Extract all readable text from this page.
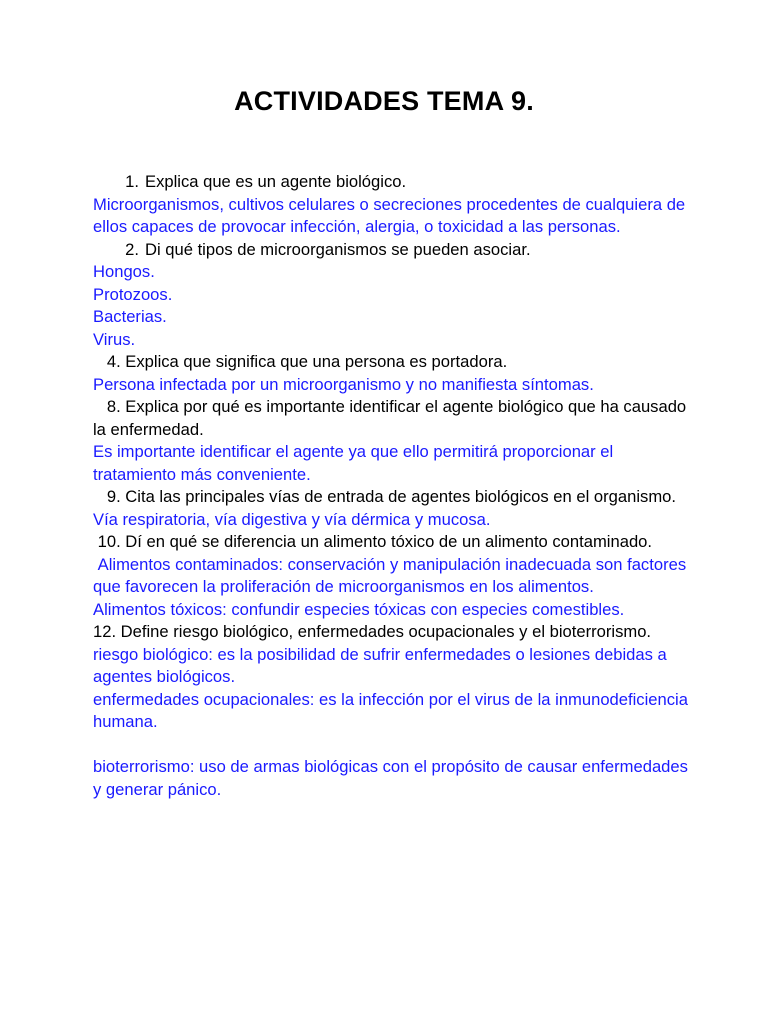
ACTIVIDADES TEMA 9.

1. Explica que es un agente biológico.

Microorganismos, cultivos celulares o secreciones procedentes de cualquiera de ellos capaces de provocar infección, alergia, o toxicidad a las personas.

2. Di qué tipos de microorganismos se pueden asociar.

Hongos.

Protozoos.

Bacterias.

Virus.

4. Explica que significa que una persona es portadora.

Persona infectada por un microorganismo y no manifiesta síntomas.

8. Explica por qué es importante identificar el agente biológico que ha causado la enfermedad.

Es importante identificar el agente ya que ello permitirá proporcionar el tratamiento más conveniente.

9. Cita las principales vías de entrada de agentes biológicos en el organismo.

Vía respiratoria, vía digestiva y vía dérmica y mucosa.

10. Dí en qué se diferencia un alimento tóxico de un alimento contaminado.

Alimentos contaminados: conservación y manipulación inadecuada son factores que favorecen la proliferación de microorganismos en los alimentos.

Alimentos tóxicos: confundir especies tóxicas con especies comestibles.

12. Define riesgo biológico, enfermedades ocupacionales y el bioterrorismo.

riesgo biológico: es la posibilidad de sufrir enfermedades o lesiones debidas a agentes biológicos.

enfermedades ocupacionales: es la infección por el virus de la inmunodeficiencia humana.

bioterrorismo: uso de armas biológicas con el propósito de causar enfermedades y generar pánico.
